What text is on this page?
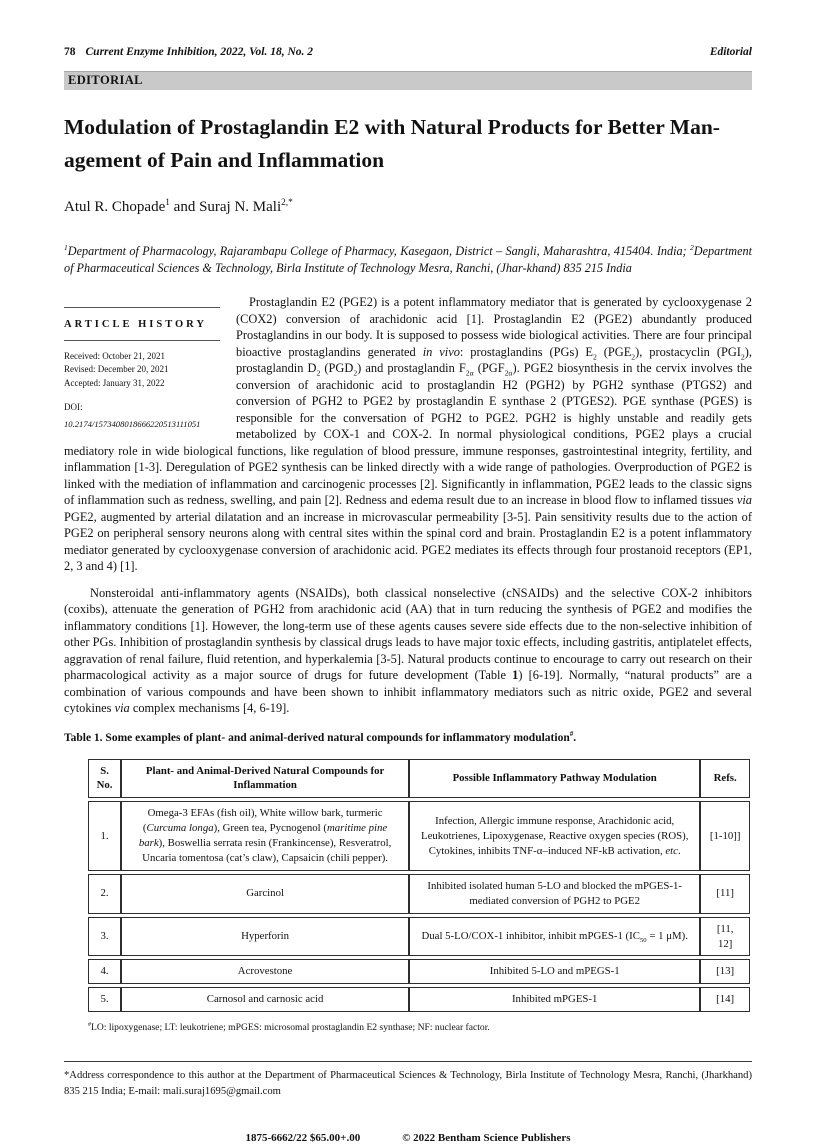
78 Current Enzyme Inhibition, 2022, Vol. 18, No. 2	Editorial
EDITORIAL
Modulation of Prostaglandin E2 with Natural Products for Better Man-
agement of Pain and Inflammation
Atul R. Chopade$^1$ and Suraj N. Mali$^{2,*}$
$^1$Department of Pharmacology, Rajarambapu College of Pharmacy, Kasegaon, District – Sangli, Maharashtra, 415404. India; $^2$Department of Pharmaceutical Sciences & Technology, Birla Institute of Technology Mesra, Ranchi, (Jhar-khand) 835 215 India
ARTICLE HISTORY
Received: October 21, 2021
Revised: December 20, 2021
Accepted: January 31, 2022
DOI:
10.2174/1573408018666220513111051

Prostaglandin E2 (PGE2) is a potent inflammatory mediator that is generated by cyclooxygenase 2 (COX2) conversion of arachidonic acid [1]. Prostaglandin E2 (PGE2) abundantly produced Prostaglandins in our body. It is supposed to possess wide biological activities. There are four principal bioactive prostaglandins generated in vivo: prostaglandins (PGs) $E_2$ $(PGE_2)$, prostacyclin $(PGI_2)$, prostaglandin $D_2$ $(PGD_2)$ and prostaglandin $F_{2\alpha}$ $(PGF_{2\alpha})$. PGE2 biosynthesis in the cervix involves the conversion of arachidonic acid to prostaglandin H2 (PGH2) by PGH2 synthase (PTGS2) and conversion of PGH2 to PGE2 by prostaglandin E synthase 2 (PTGES2). PGE synthase (PGES) is responsible for the conversation of PGH2 to PGE2. PGH2 is highly unstable and readily gets metabolized by COX-1 and COX-2. In normal physiological conditions, PGE2 plays a crucial mediatory role in wide biological functions, like regulation of blood pressure, immune responses, gastrointestinal integrity, fertility, and inflammation [1-3]. Deregulation of PGE2 synthesis can be linked directly with a wide range of pathologies. Overproduction of PGE2 is linked with the mediation of inflammation and carcinogenic processes [2]. Significantly in inflammation, PGE2 leads to the classic signs of inflammation such as redness, swelling, and pain [2]. Redness and edema result due to an increase in blood flow to inflamed tissues via PGE2, augmented by arterial dilatation and an increase in microvascular permeability [3-5]. Pain sensitivity results due to the action of PGE2 on peripheral sensory neurons along with central sites within the spinal cord and brain. Prostaglandin E2 is a potent inflammatory mediator generated by cyclooxygenase conversion of arachidonic acid. PGE2 mediates its effects through four prostanoid receptors (EP1, 2, 3 and 4) [1].

Nonsteroidal anti-inflammatory agents (NSAIDs), both classical nonselective (cNSAIDs) and the selective COX-2 inhibitors (coxibs), attenuate the generation of PGH2 from arachidonic acid (AA) that in turn reducing the synthesis of PGE2 and modifies the inflammatory conditions [1]. However, the long-term use of these agents causes severe side effects due to the non-selective inhibition of other PGs. Inhibition of prostaglandin synthesis by classical drugs leads to have major toxic effects, including gastritis, antiplatelet effects, aggravation of renal failure, fluid retention, and hyperkalemia [3-5]. Natural products continue to encourage to carry out research on their pharmacological activity as a major source of drugs for future development (Table 1) [6-19]. Normally, “natural products” are a combination of various compounds and have been shown to inhibit inflammatory mediators such as nitric oxide, PGE2 and several cytokines via complex mechanisms [4, 6-19].

Table 1. Some examples of plant- and animal-derived natural compounds for inflammatory modulation#.
S. No.	Plant- and Animal-Derived Natural Compounds for Inflammation	Possible Inflammatory Pathway Modulation	Refs.
1.	Omega-3 EFAs (fish oil), White willow bark, turmeric (Curcuma longa), Green tea, Pycnogenol (maritime pine bark), Boswellia serrata resin (Frankincense), Resveratrol, Uncaria tomentosa (cat’s claw), Capsaicin (chili pepper).	Infection, Allergic immune response, Arachidonic acid, Leukotrienes, Lipoxygenase, Reactive oxygen species (ROS), Cytokines, inhibits TNF-α–induced NF-kB activation, etc.	[1-10]]
2.	Garcinol	Inhibited isolated human 5-LO and blocked the mPGES-1-mediated conversion of PGH2 to PGE2	[11]
3.	Hyperforin	Dual 5-LO/COX-1 inhibitor, inhibit mPGES-1 ($IC_{50} = 1$ μM).	[11, 12]
4.	Acrovestone	Inhibited 5-LO and mPEGS-1	[13]
5.	Carnosol and carnosic acid	Inhibited mPGES-1	[14]
#LO: lipoxygenase; LT: leukotriene; mPGES: microsomal prostaglandin E2 synthase; NF: nuclear factor.
*Address correspondence to this author at the Department of Pharmaceutical Sciences & Technology, Birla Institute of Technology Mesra, Ranchi, (Jharkhand) 835 215 India; E-mail: mali.suraj1695@gmail.com
1875-6662/22 $65.00+.00	© 2022 Bentham Science Publishers
